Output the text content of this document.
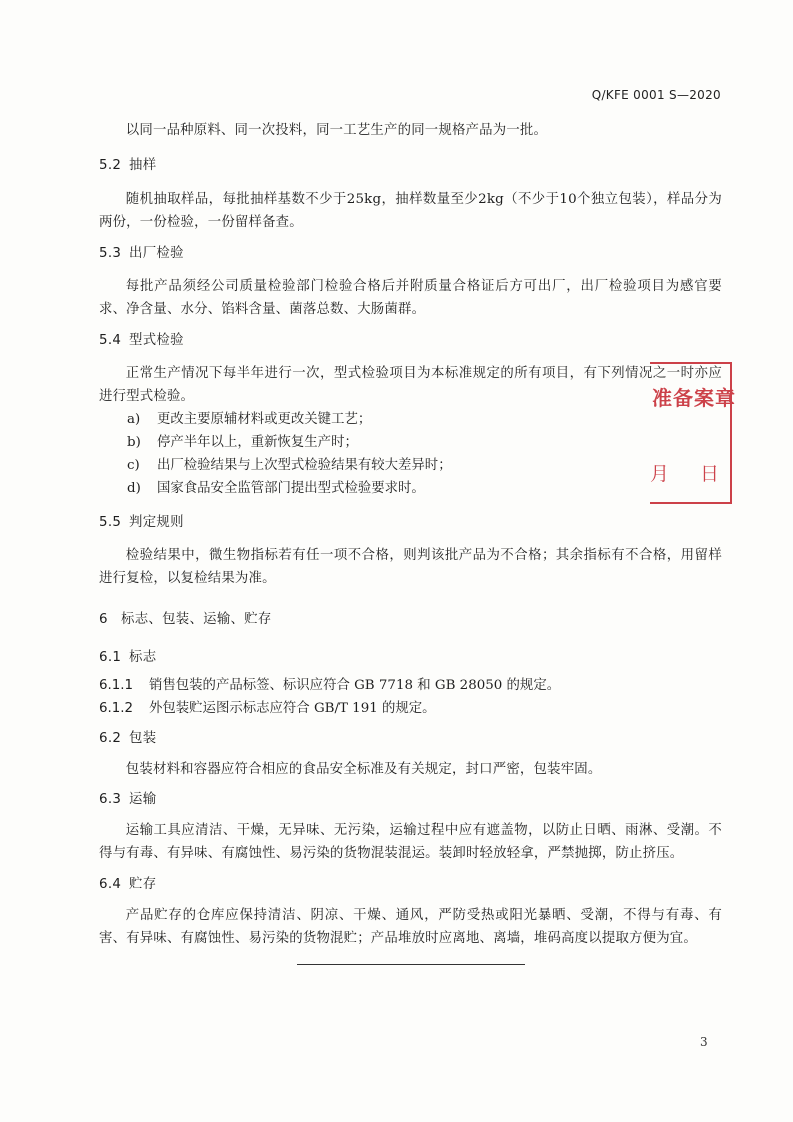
Q/KFE 0001 S—2020
准备案章
月 日

以同一品种原料、同一次投料，同一工艺生产的同一规格产品为一批。

5.2 抽样

随机抽取样品，每批抽样基数不少于25kg，抽样数量至少2kg（不少于10个独立包装），样品分为两份，一份检验，一份留样备查。

5.3 出厂检验

每批产品须经公司质量检验部门检验合格后并附质量合格证后方可出厂，出厂检验项目为感官要求、净含量、水分、馅料含量、菌落总数、大肠菌群。

5.4 型式检验

正常生产情况下每半年进行一次，型式检验项目为本标准规定的所有项目，有下列情况之一时亦应进行型式检验。

a) 更改主要原辅材料或更改关键工艺；

b) 停产半年以上，重新恢复生产时；

c) 出厂检验结果与上次型式检验结果有较大差异时；

d) 国家食品安全监管部门提出型式检验要求时。

5.5 判定规则

检验结果中，微生物指标若有任一项不合格，则判该批产品为不合格；其余指标有不合格，用留样进行复检，以复检结果为准。

6 标志、包装、运输、贮存

6.1 标志

6.1.1 销售包装的产品标签、标识应符合 GB 7718 和 GB 28050 的规定。

6.1.2 外包装贮运图示标志应符合 GB/T 191 的规定。

6.2 包装

包装材料和容器应符合相应的食品安全标准及有关规定，封口严密，包装牢固。

6.3 运输

运输工具应清洁、干燥，无异味、无污染，运输过程中应有遮盖物，以防止日晒、雨淋、受潮。不得与有毒、有异味、有腐蚀性、易污染的货物混装混运。装卸时轻放轻拿，严禁抛掷，防止挤压。

6.4 贮存

产品贮存的仓库应保持清洁、阴凉、干燥、通风，严防受热或阳光暴晒、受潮，不得与有毒、有害、有异味、有腐蚀性、易污染的货物混贮；产品堆放时应离地、离墙，堆码高度以提取方便为宜。

3
